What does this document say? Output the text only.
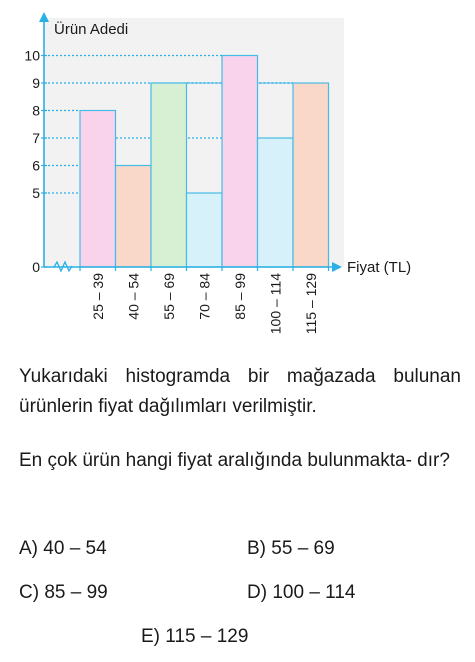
0
5
6
7
8
9
10
25 – 39 40 – 54 55 – 69 70 – 84 85 – 99 100 – 114 115 – 129
Ürün Adedi
Fiyat (TL)
Yukarıdaki histogramda bir mağazada bulunan ürünlerin fiyat dağılımları verilmiştir.
En çok ürün hangi fiyat aralığında bulunmakta- dır?
A) 40 – 54	B) 55 – 69
C) 85 – 99	D) 100 – 114
E) 115 – 129
